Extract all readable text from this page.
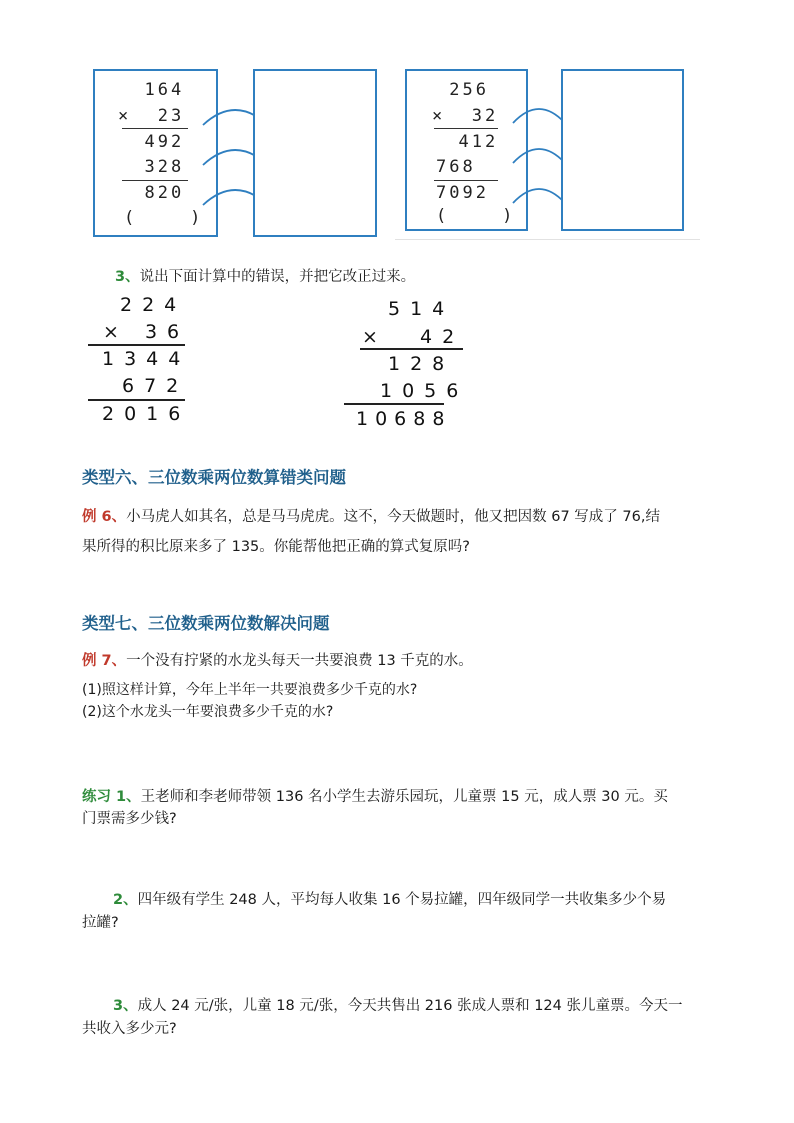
164
×  23
492
328
820
(    )
256
×  32
412
768
7092
(    )
3、说出下面计算中的错误，并把它改正过来。
224
× 36
1344
672
2016
514
×  42
128
1056
10688
类型六、三位数乘两位数算错类问题
例 6、小马虎人如其名，总是马马虎虎。这不，今天做题时，他又把因数 67 写成了 76,结
果所得的积比原来多了 135。你能帮他把正确的算式复原吗?
类型七、三位数乘两位数解决问题
例 7、一个没有拧紧的水龙头每天一共要浪费 13 千克的水。
(1)照这样计算，今年上半年一共要浪费多少千克的水?
(2)这个水龙头一年要浪费多少千克的水?
练习 1、王老师和李老师带领 136 名小学生去游乐园玩，儿童票 15 元，成人票 30 元。买
门票需多少钱?
2、四年级有学生 248 人，平均每人收集 16 个易拉罐，四年级同学一共收集多少个易
拉罐?
3、成人 24 元/张，儿童 18 元/张，今天共售出 216 张成人票和 124 张儿童票。今天一
共收入多少元?
